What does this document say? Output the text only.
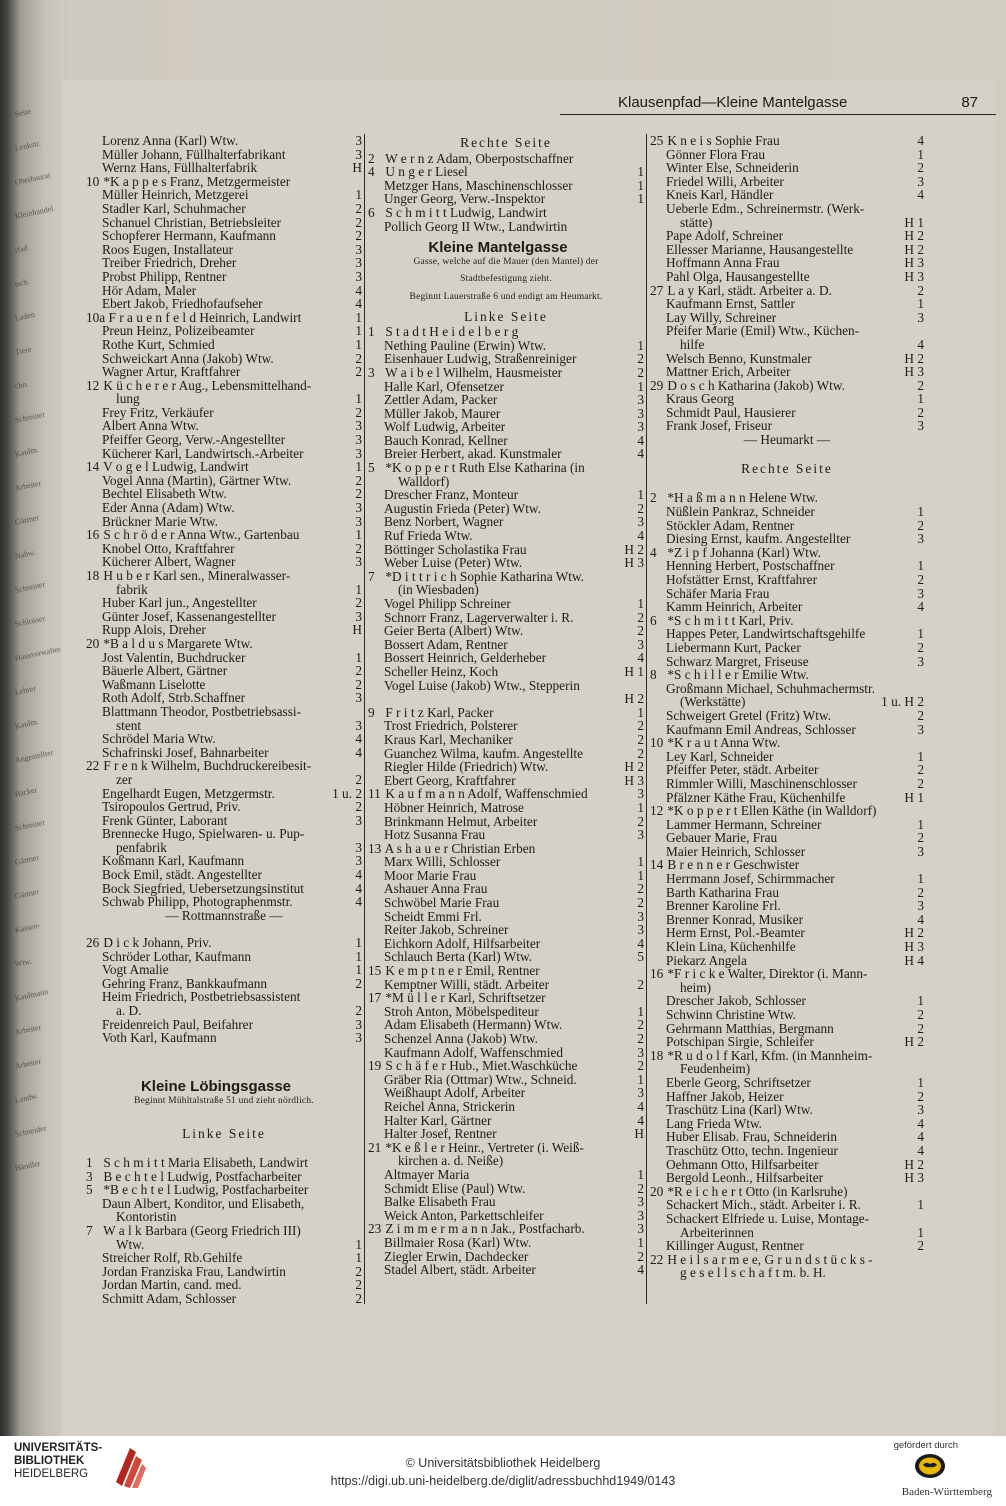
Seite
Lenkstr.
Oberbaurat
Kleinhandel
rfad
tsch.
Laden
Tiere
chn.
Schreiner
Kaufm.
Arbeiter
Gärtner
Nahw.
Schreiner
Schlosser
Hausverwalter
Lehrer
Kaufm.
Angestellter
Bäcker
Schreiner
Gärtner
Gärtner
Kassen-
Wtw.
Kaufmann
Arbeiter
Arbeiter
Landw.
Schneider
Händler
Klausenpfad—Kleine Mantelgasse	87
Lorenz Anna (Karl) Wtw.	3
Müller Johann, Füllhalterfabrikant	3
Wernz Hans, Füllhalterfabrik	H
10 *K a p p e s Franz, Metzgermeister
Müller Heinrich, Metzgerei	1
Stadler Karl, Schuhmacher	2
Schanuel Christian, Betriebsleiter	2
Schopferer Hermann, Kaufmann	2
Roos Eugen, Installateur	3
Treiber Friedrich, Dreher	3
Probst Philipp, Rentner	3
Hör Adam, Maler	4
Ebert Jakob, Friedhofaufseher	4
10a F r a u e n f e l d Heinrich, Landwirt	1
Preun Heinz, Polizeibeamter	1
Rothe Kurt, Schmied	1
Schweickart Anna (Jakob) Wtw.	2
Wagner Artur, Kraftfahrer	2
12 K ü c h e r e r Aug., Lebensmittelhand-
lung	1
Frey Fritz, Verkäufer	2
Albert Anna Wtw.	3
Pfeiffer Georg, Verw.-Angestellter	3
Kücherer Karl, Landwirtsch.-Arbeiter	3
14 V o g e l Ludwig, Landwirt	1
Vogel Anna (Martin), Gärtner Wtw.	2
Bechtel Elisabeth Wtw.	2
Eder Anna (Adam) Wtw.	3
Brückner Marie Wtw.	3
16 S c h r ö d e r Anna Wtw., Gartenbau	1
Knobel Otto, Kraftfahrer	2
Kücherer Albert, Wagner	3
18 H u b e r Karl sen., Mineralwasser-
fabrik	1
Huber Karl jun., Angestellter	2
Günter Josef, Kassenangestellter	3
Rupp Alois, Dreher	H
20 *B a l d u s Margarete Wtw.
Jost Valentin, Buchdrucker	1
Bäuerle Albert, Gärtner	2
Waßmann Liselotte	2
Roth Adolf, Strb.Schaffner	3
Blattmann Theodor, Postbetriebsassi-
stent	3
Schrödel Maria Wtw.	4
Schafrinski Josef, Bahnarbeiter	4
22 F r e n k Wilhelm, Buchdruckereibesit-
zer	2
Engelhardt Eugen, Metzgermstr.	1 u. 2
Tsiropoulos Gertrud, Priv.	2
Frenk Günter, Laborant	3
Brennecke Hugo, Spielwaren- u. Pup-
penfabrik	3
Koßmann Karl, Kaufmann	3
Bock Emil, städt. Angestellter	4
Bock Siegfried, Uebersetzungsinstitut	4
Schwab Philipp, Photographenmstr.	4
— Rottmannstraße —
26 D i c k Johann, Priv.	1
Schröder Lothar, Kaufmann	1
Vogt Amalie	1
Gehring Franz, Bankkaufmann	2
Heim Friedrich, Postbetriebsassistent
a. D.	2
Freidenreich Paul, Beifahrer	3
Voth Karl, Kaufmann	3
Kleine Löbingsgasse
Beginnt Mühltalstraße 51 und zieht nördlich.
Linke Seite
1 S c h m i t t Maria Elisabeth, Landwirt
3 B e c h t e l Ludwig, Postfacharbeiter
5 *B e c h t e l Ludwig, Postfacharbeiter
Daun Albert, Konditor, und Elisabeth,
Kontoristin
7 W a l k Barbara (Georg Friedrich III)
Wtw.	1
Streicher Rolf, Rb.Gehilfe	1
Jordan Franziska Frau, Landwirtin	2
Jordan Martin, cand. med.	2
Schmitt Adam, Schlosser	2
Rechte Seite
2 W e r n z Adam, Oberpostschaffner
4 U n g e r Liesel	1
Metzger Hans, Maschinenschlosser	1
Unger Georg, Verw.-Inspektor	1
6 S c h m i t t Ludwig, Landwirt
Pollich Georg II Wtw., Landwirtin
Kleine Mantelgasse
Gasse, welche auf die Mauer (den Mantel) der
Stadtbefestigung zieht.
Beginnt Lauerstraße 6 und endigt am Heumarkt.
Linke Seite
1 S t a d t H e i d e l b e r g
Nething Pauline (Erwin) Wtw.	1
Eisenhauer Ludwig, Straßenreiniger	2
3 W a i b e l Wilhelm, Hausmeister	2
Halle Karl, Ofensetzer	1
Zettler Adam, Packer	3
Müller Jakob, Maurer	3
Wolf Ludwig, Arbeiter	3
Bauch Konrad, Kellner	4
Breier Herbert, akad. Kunstmaler	4
5 *K o p p e r t Ruth Else Katharina (in
Walldorf)
Drescher Franz, Monteur	1
Augustin Frieda (Peter) Wtw.	2
Benz Norbert, Wagner	3
Ruf Frieda Wtw.	4
Böttinger Scholastika Frau	H 2
Weber Luise (Peter) Wtw.	H 3
7 *D i t t r i c h Sophie Katharina Wtw.
(in Wiesbaden)
Vogel Philipp Schreiner	1
Schnorr Franz, Lagerverwalter i. R.	2
Geier Berta (Albert) Wtw.	2
Bossert Adam, Rentner	3
Bossert Heinrich, Gelderheber	4
Scheller Heinz, Koch	H 1
Vogel Luise (Jakob) Wtw., Stepperin
H 2
9 F r i t z Karl, Packer	1
Trost Friedrich, Polsterer	2
Kraus Karl, Mechaniker	2
Guanchez Wilma, kaufm. Angestellte	2
Riegler Hilde (Friedrich) Wtw.	H 2
Ebert Georg, Kraftfahrer	H 3
11 K a u f m a n n Adolf, Waffenschmied	3
Höbner Heinrich, Matrose	1
Brinkmann Helmut, Arbeiter	2
Hotz Susanna Frau	3
13 A s h a u e r Christian Erben
Marx Willi, Schlosser	1
Moor Marie Frau	1
Ashauer Anna Frau	2
Schwöbel Marie Frau	2
Scheidt Emmi Frl.	3
Reiter Jakob, Schreiner	3
Eichkorn Adolf, Hilfsarbeiter	4
Schlauch Berta (Karl) Wtw.	5
15 K e m p t n e r Emil, Rentner
Kemptner Willi, städt. Arbeiter	2
17 *M ü l l e r Karl, Schriftsetzer
Stroh Anton, Möbelspediteur	1
Adam Elisabeth (Hermann) Wtw.	2
Schenzel Anna (Jakob) Wtw.	2
Kaufmann Adolf, Waffenschmied	3
19 S c h ä f e r Hub., Miet.Waschküche	2
Gräber Ria (Ottmar) Wtw., Schneid.	1
Weißhaupt Adolf, Arbeiter	3
Reichel Anna, Strickerin	4
Halter Karl, Gärtner	4
Halter Josef, Rentner	H
21 *K e ß l e r Heinr., Vertreter (i. Weiß-
kirchen a. d. Neiße)
Altmayer Maria	1
Schmidt Elise (Paul) Wtw.	2
Balke Elisabeth Frau	3
Weick Anton, Parkettschleifer	3
23 Z i m m e r m a n n Jak., Postfacharb.	3
Billmaier Rosa (Karl) Wtw.	1
Ziegler Erwin, Dachdecker	2
Stadel Albert, städt. Arbeiter	4
25 K n e i s Sophie Frau	4
Gönner Flora Frau	1
Winter Else, Schneiderin	2
Friedel Willi, Arbeiter	3
Kneis Karl, Händler	4
Ueberle Edm., Schreinermstr. (Werk-
stätte)	H 1
Pape Adolf, Schreiner	H 2
Ellesser Marianne, Hausangestellte	H 2
Hoffmann Anna Frau	H 3
Pahl Olga, Hausangestellte	H 3
27 L a y Karl, städt. Arbeiter a. D.	2
Kaufmann Ernst, Sattler	1
Lay Willy, Schreiner	3
Pfeifer Marie (Emil) Wtw., Küchen-
hilfe	4
Welsch Benno, Kunstmaler	H 2
Mattner Erich, Arbeiter	H 3
29 D o s c h Katharina (Jakob) Wtw.	2
Kraus Georg	1
Schmidt Paul, Hausierer	2
Frank Josef, Friseur	3
— Heumarkt —
Rechte Seite
2 *H a ß m a n n Helene Wtw.
Nüßlein Pankraz, Schneider	1
Stöckler Adam, Rentner	2
Diesing Ernst, kaufm. Angestellter	3
4 *Z i p f Johanna (Karl) Wtw.
Henning Herbert, Postschaffner	1
Hofstätter Ernst, Kraftfahrer	2
Schäfer Maria Frau	3
Kamm Heinrich, Arbeiter	4
6 *S c h m i t t Karl, Priv.
Happes Peter, Landwirtschaftsgehilfe	1
Liebermann Kurt, Packer	2
Schwarz Margret, Friseuse	3
8 *S c h i l l e r Emilie Wtw.
Großmann Michael, Schuhmachermstr.
(Werkstätte)	1 u. H 2
Schweigert Gretel (Fritz) Wtw.	2
Kaufmann Emil Andreas, Schlosser	3
10 *K r a u t Anna Wtw.
Ley Karl, Schneider	1
Pfeiffer Peter, städt. Arbeiter	2
Rimmler Willi, Maschinenschlosser	2
Pfälzner Käthe Frau, Küchenhilfe	H 1
12 *K o p p e r t Ellen Käthe (in Walldorf)
Lammer Hermann, Schreiner	1
Gebauer Marie, Frau	2
Maier Heinrich, Schlosser	3
14 B r e n n e r Geschwister
Herrmann Josef, Schirmmacher	1
Barth Katharina Frau	2
Brenner Karoline Frl.	3
Brenner Konrad, Musiker	4
Herm Ernst, Pol.-Beamter	H 2
Klein Lina, Küchenhilfe	H 3
Piekarz Angela	H 4
16 *F r i c k e Walter, Direktor (i. Mann-
heim)
Drescher Jakob, Schlosser	1
Schwinn Christine Wtw.	2
Gehrmann Matthias, Bergmann	2
Potschipan Sirgie, Schleifer	H 2
18 *R u d o l f Karl, Kfm. (in Mannheim-
Feudenheim)
Eberle Georg, Schriftsetzer	1
Haffner Jakob, Heizer	2
Traschütz Lina (Karl) Wtw.	3
Lang Frieda Wtw.	4
Huber Elisab. Frau, Schneiderin	4
Traschütz Otto, techn. Ingenieur	4
Oehmann Otto, Hilfsarbeiter	H 2
Bergold Leonh., Hilfsarbeiter	H 3
20 *R e i c h e r t Otto (in Karlsruhe)
Schackert Mich., städt. Arbeiter i. R.	1
Schackert Elfriede u. Luise, Montage-
Arbeiterinnen	1
Killinger August, Rentner	2
22 H e i l s a r m e e, G r u n d s t ü c k s -
g e s e l l s c h a f t m. b. H.
UNIVERSITÄTS-
BIBLIOTHEK
HEIDELBERG
© Universitätsbibliothek Heidelberg
https://digi.ub.uni-heidelberg.de/diglit/adressbuchhd1949/0143
gefördert durch
Baden-Württemberg
